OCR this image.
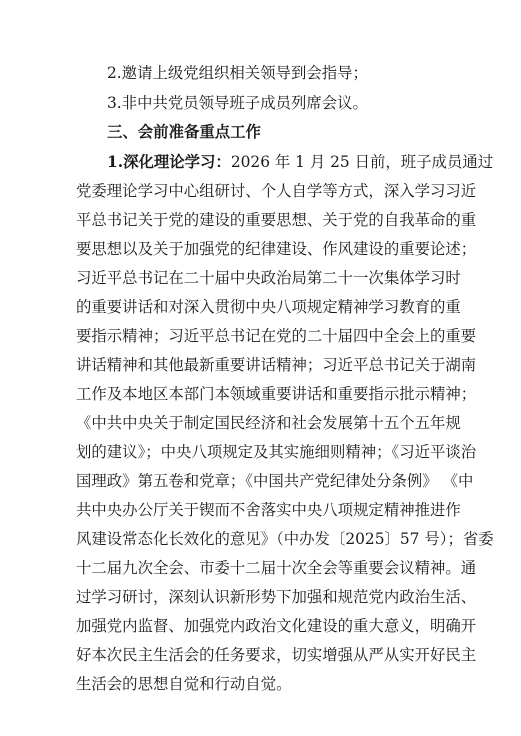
2.邀请上级党组织相关领导到会指导；

3.非中共党员领导班子成员列席会议。

三、会前准备重点工作

1.深化理论学习：2026 年 1 月 25 日前，班子成员通过

党委理论学习中心组研讨、个人自学等方式，深入学习习近

平总书记关于党的建设的重要思想、关于党的自我革命的重

要思想以及关于加强党的纪律建设、作风建设的重要论述；

习近平总书记在二十届中央政治局第二十一次集体学习时

的重要讲话和对深入贯彻中央八项规定精神学习教育的重

要指示精神；习近平总书记在党的二十届四中全会上的重要

讲话精神和其他最新重要讲话精神；习近平总书记关于湖南

工作及本地区本部门本领域重要讲话和重要指示批示精神；

《中共中央关于制定国民经济和社会发展第十五个五年规

划的建议》；中央八项规定及其实施细则精神；《习近平谈治

国理政》第五卷和党章；《中国共产党纪律处分条例》 《中

共中央办公厅关于锲而不舍落实中央八项规定精神推进作

风建设常态化长效化的意见》（中办发〔2025〕57 号）；省委

十二届九次全会、市委十二届十次全会等重要会议精神。通

过学习研讨，深刻认识新形势下加强和规范党内政治生活、

加强党内监督、加强党内政治文化建设的重大意义，明确开

好本次民主生活会的任务要求，切实增强从严从实开好民主

生活会的思想自觉和行动自觉。
